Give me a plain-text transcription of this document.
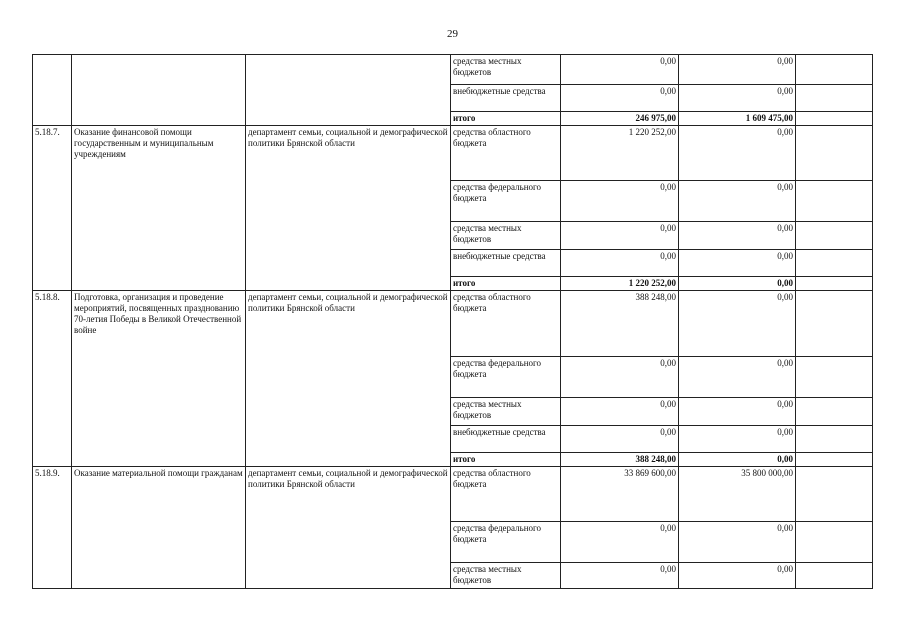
29
			средства местных бюджетов	0,00	0,00	
			внебюджетные средства	0,00	0,00	
			итого	246 975,00	1 609 475,00	
5.18.7.	Оказание финансовой помощи государственным и муниципальным учреждениям	департамент семьи, социальной и демографической политики Брянской области	средства областного бюджета	1 220 252,00	0,00	
			средства федерального бюджета	0,00	0,00	
			средства местных бюджетов	0,00	0,00	
			внебюджетные средства	0,00	0,00	
			итого	1 220 252,00	0,00	
5.18.8.	Подготовка, организация и проведение мероприятий, посвященных празднованию 70-летия Победы в Великой Отечественной войне	департамент семьи, социальной и демографической политики Брянской области	средства областного бюджета	388 248,00	0,00	
			средства федерального бюджета	0,00	0,00	
			средства местных бюджетов	0,00	0,00	
			внебюджетные средства	0,00	0,00	
			итого	388 248,00	0,00	
5.18.9.	Оказание материальной помощи гражданам	департамент семьи, социальной и демографической политики Брянской области	средства областного бюджета	33 869 600,00	35 800 000,00	
			средства федерального бюджета	0,00	0,00	
			средства местных бюджетов	0,00	0,00	
